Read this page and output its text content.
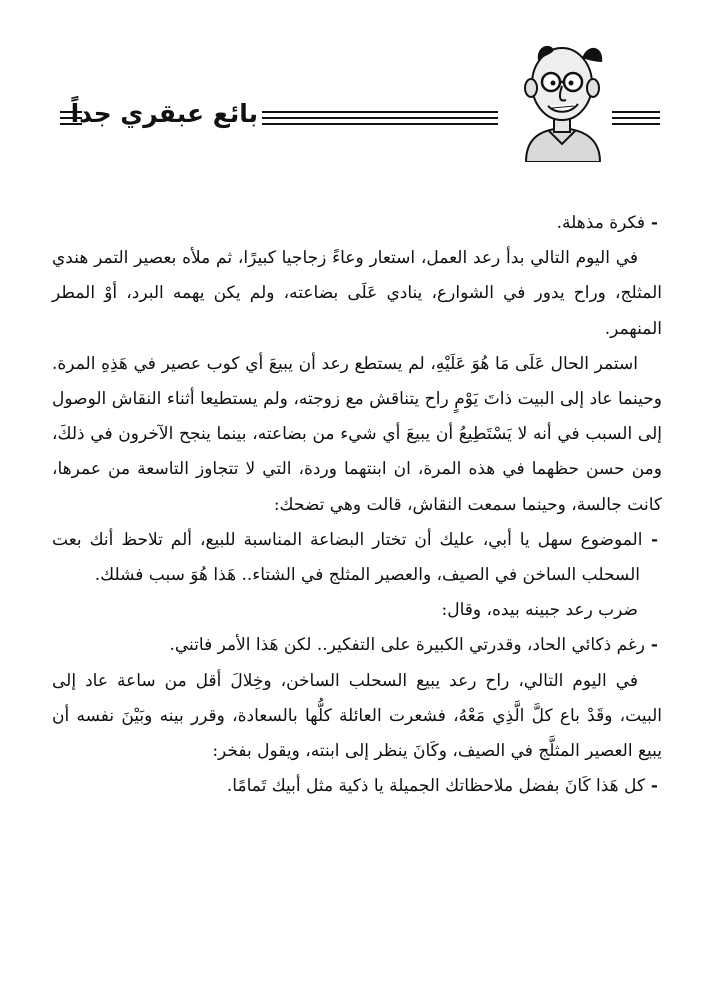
بائع عبقري جداً

- فكرة مذهلة.

في اليوم التالي بدأ رعد العمل، استعار وعاءً زجاجيا كبيرًا، ثم ملأه بعصير التمر هندي المثلج، وراح يدور في الشوارع، ينادي عَلَى بضاعته، ولم يكن يهمه البرد، أوْ المطر المنهمر.

استمر الحال عَلَى مَا هُوَ عَلَيْهِ، لم يستطع رعد أن يبيعَ أي كوب عصير في هَذِهِ المرة. وحينما عاد إلى البيت ذاتَ يَوْمٍ راح يتناقش مع زوجته، ولم يستطيعا أثناء النقاش الوصول إلى السبب في أنه لا يَسْتَطِيعُ أن يبيعَ أي شيء من بضاعته، بينما ينجح الآخرون في ذلكَ، ومن حسن حظهما في هذه المرة، ان ابنتهما وردة، التي لا تتجاوز التاسعة من عمرها، كانت جالسة، وحينما سمعت النقاش، قالت وهي تضحك:

- الموضوع سهل يا أبي، عليك أن تختار البضاعة المناسبة للبيع، ألم تلاحظ أنك بعت السحلب الساخن في الصيف، والعصير المثلج في الشتاء.. هَذا هُوَ سبب فشلك.

ضرب رعد جبينه بيده، وقال:

- رغم ذكائي الحاد، وقدرتي الكبيرة على التفكير.. لكن هَذا الأمر فاتني.

في اليوم التالي، راح رعد يبيع السحلب الساخن، وخِلالَ أقل من ساعة عاد إلى البيت، وقَدْ باع كلَّ الَّذِي مَعْهُ، فشعرت العائلة كلُّها بالسعادة، وقرر بينه وبَيْنَ نفسه أن يبيع العصير المثلَّج في الصيف، وكَانَ ينظر إلى ابنته، ويقول بفخر:

- كل هَذا كَانَ بفضل ملاحظاتك الجميلة يا ذكية مثل أبيك تَمامًا.
